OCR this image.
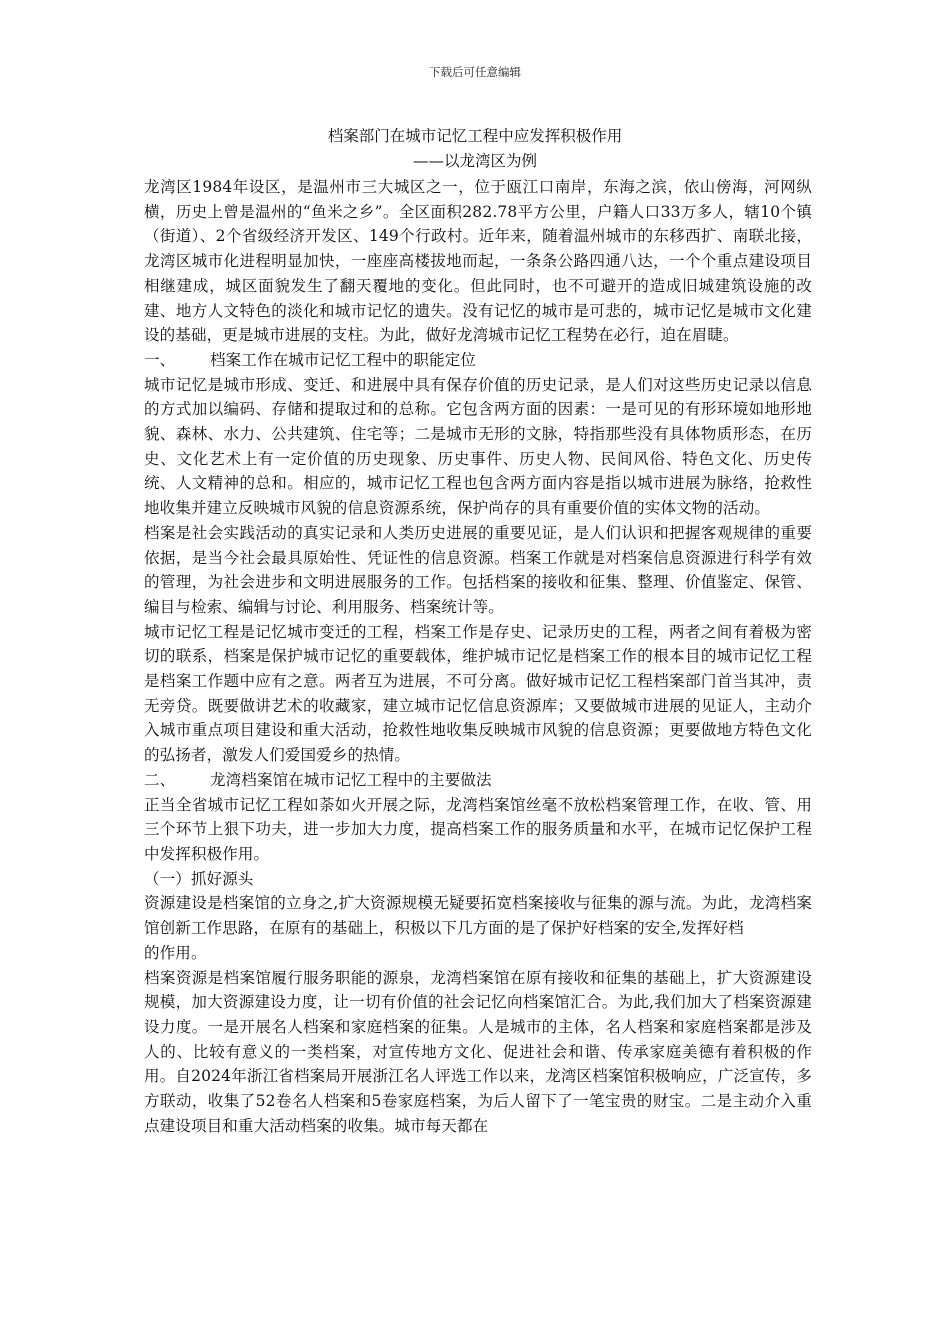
下载后可任意编辑
档案部门在城市记忆工程中应发挥积极作用
——以龙湾区为例

龙湾区1984年设区，是温州市三大城区之一，位于瓯江口南岸，东海之滨，依山傍海，河网纵横，历史上曾是温州的“鱼米之乡”。全区面积282.78平方公里，户籍人口33万多人，辖10个镇（街道）、2个省级经济开发区、149个行政村。近年来，随着温州城市的东移西扩、南联北接，龙湾区城市化进程明显加快，一座座高楼拔地而起，一条条公路四通八达，一个个重点建设项目相继建成，城区面貌发生了翻天覆地的变化。但此同时，也不可避开的造成旧城建筑设施的改建、地方人文特色的淡化和城市记忆的遗失。没有记忆的城市是可悲的，城市记忆是城市文化建设的基础，更是城市进展的支柱。为此，做好龙湾城市记忆工程势在必行，迫在眉睫。

一、	档案工作在城市记忆工程中的职能定位

城市记忆是城市形成、变迁、和进展中具有保存价值的历史记录，是人们对这些历史记录以信息的方式加以编码、存储和提取过和的总称。它包含两方面的因素：一是可见的有形环境如地形地貌、森林、水力、公共建筑、住宅等；二是城市无形的文脉，特指那些没有具体物质形态，在历史、文化艺术上有一定价值的历史现象、历史事件、历史人物、民间风俗、特色文化、历史传统、人文精神的总和。相应的，城市记忆工程也包含两方面内容是指以城市进展为脉络，抢救性地收集并建立反映城市风貌的信息资源系统，保护尚存的具有重要价值的实体文物的活动。

档案是社会实践活动的真实记录和人类历史进展的重要见证，是人们认识和把握客观规律的重要依据，是当今社会最具原始性、凭证性的信息资源。档案工作就是对档案信息资源进行科学有效的管理，为社会进步和文明进展服务的工作。包括档案的接收和征集、整理、价值鉴定、保管、编目与检索、编辑与讨论、利用服务、档案统计等。

城市记忆工程是记忆城市变迁的工程，档案工作是存史、记录历史的工程，两者之间有着极为密切的联系，档案是保护城市记忆的重要载体，维护城市记忆是档案工作的根本目的城市记忆工程是档案工作题中应有之意。两者互为进展，不可分离。做好城市记忆工程档案部门首当其冲，责无旁贷。既要做讲艺术的收藏家，建立城市记忆信息资源库；又要做城市进展的见证人，主动介入城市重点项目建设和重大活动，抢救性地收集反映城市风貌的信息资源；更要做地方特色文化的弘扬者，激发人们爱国爱乡的热情。

二、	龙湾档案馆在城市记忆工程中的主要做法

正当全省城市记忆工程如荼如火开展之际，龙湾档案馆丝毫不放松档案管理工作，在收、管、用三个环节上狠下功夫，进一步加大力度，提高档案工作的服务质量和水平，在城市记忆保护工程中发挥积极作用。

（一）抓好源头

资源建设是档案馆的立身之,扩大资源规模无疑要拓宽档案接收与征集的源与流。为此，龙湾档案馆创新工作思路，在原有的基础上，积极以下几方面的是了保护好档案的安全,发挥好档

的作用。

档案资源是档案馆履行服务职能的源泉，龙湾档案馆在原有接收和征集的基础上，扩大资源建设规模，加大资源建设力度，让一切有价值的社会记忆向档案馆汇合。为此,我们加大了档案资源建设力度。一是开展名人档案和家庭档案的征集。人是城市的主体，名人档案和家庭档案都是涉及人的、比较有意义的一类档案，对宣传地方文化、促进社会和谐、传承家庭美德有着积极的作用。自2024年浙江省档案局开展浙江名人评选工作以来，龙湾区档案馆积极响应，广泛宣传，多方联动，收集了52卷名人档案和5卷家庭档案，为后人留下了一笔宝贵的财宝。二是主动介入重点建设项目和重大活动档案的收集。城市每天都在
